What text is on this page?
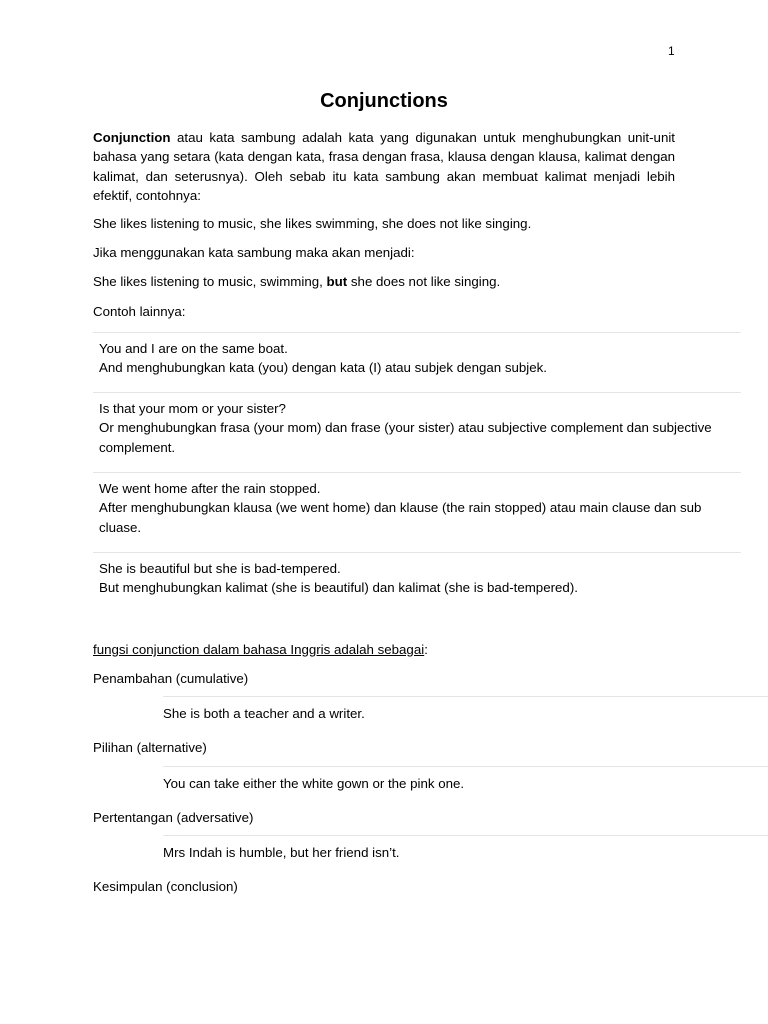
1
Conjunctions

Conjunction atau kata sambung adalah kata yang digunakan untuk menghubungkan unit-unit bahasa yang setara (kata dengan kata, frasa dengan frasa, klausa dengan klausa, kalimat dengan kalimat, dan seterusnya). Oleh sebab itu kata sambung akan membuat kalimat menjadi lebih efektif, contohnya:

She likes listening to music, she likes swimming, she does not like singing.

Jika menggunakan kata sambung maka akan menjadi:

She likes listening to music, swimming, but she does not like singing.

Contoh lainnya:

You and I are on the same boat.
And menghubungkan kata (you) dengan kata (I) atau subjek dengan subjek.
Is that your mom or your sister?
Or menghubungkan frasa (your mom) dan frase (your sister) atau subjective complement dan subjective complement.
We went home after the rain stopped.
After menghubungkan klausa (we went home) dan klause (the rain stopped) atau main clause dan sub cluase.
She is beautiful but she is bad-tempered.
But menghubungkan kalimat (she is beautiful) dan kalimat (she is bad-tempered).

fungsi conjunction dalam bahasa Inggris adalah sebagai:

Penambahan (cumulative)

She is both a teacher and a writer.

Pilihan (alternative)

You can take either the white gown or the pink one.

Pertentangan (adversative)

Mrs Indah is humble, but her friend isn’t.

Kesimpulan (conclusion)
